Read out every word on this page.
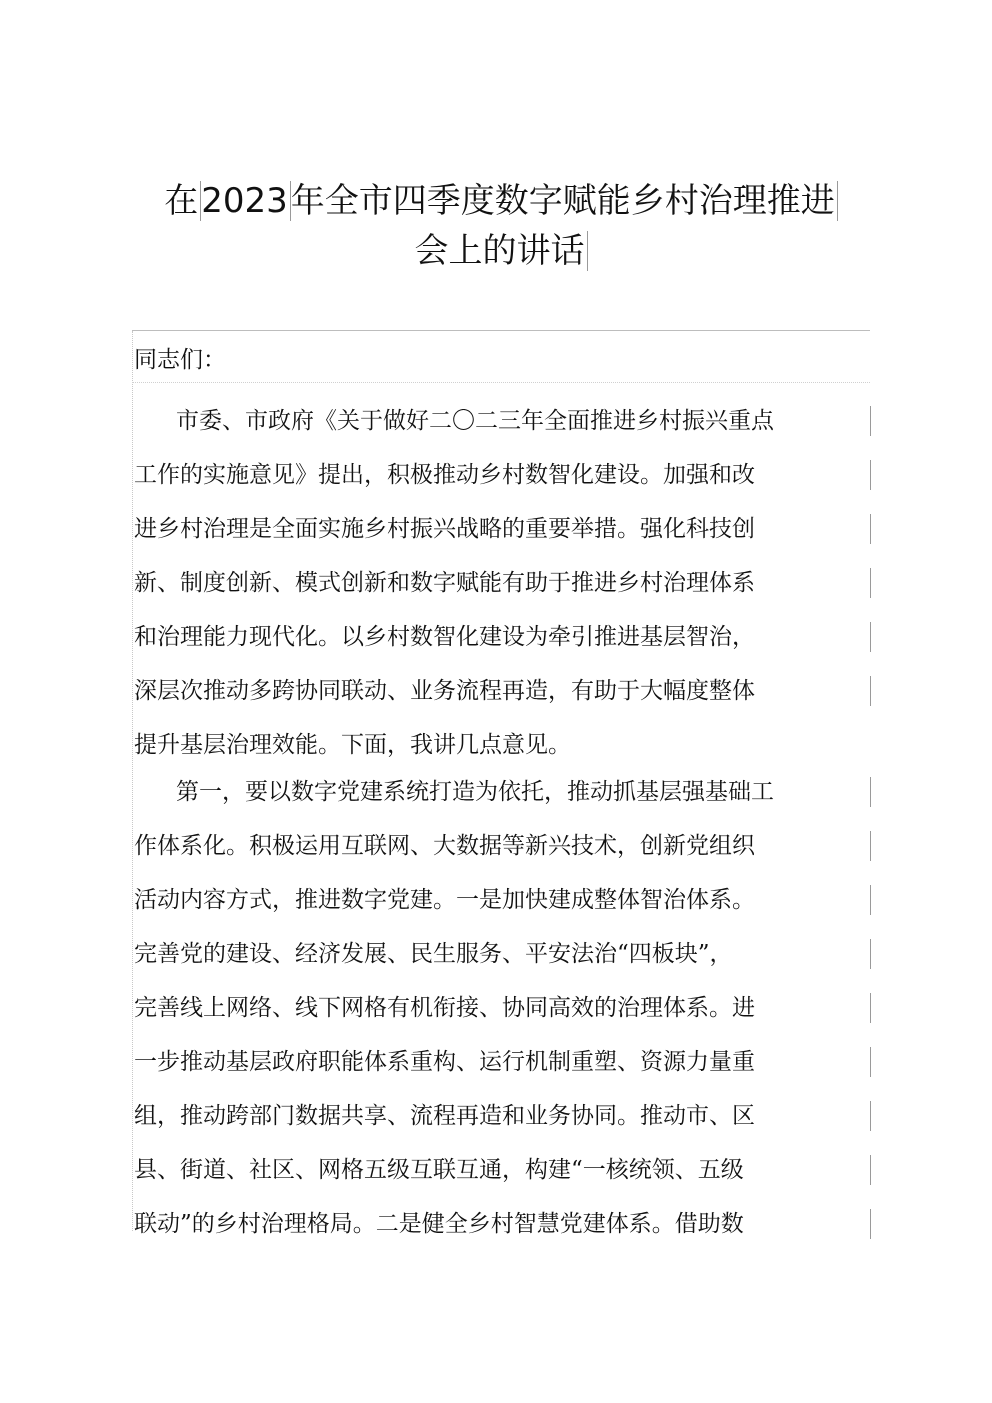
在2023年全市四季度数字赋能乡村治理推进
会上的讲话
同志们：
市委、市政府《关于做好二〇二三年全面推进乡村振兴重点
工作的实施意见》提出，积极推动乡村数智化建设。加强和改
进乡村治理是全面实施乡村振兴战略的重要举措。强化科技创
新、制度创新、模式创新和数字赋能有助于推进乡村治理体系
和治理能力现代化。以乡村数智化建设为牵引推进基层智治，
深层次推动多跨协同联动、业务流程再造，有助于大幅度整体
提升基层治理效能。下面，我讲几点意见。
第一，要以数字党建系统打造为依托，推动抓基层强基础工
作体系化。积极运用互联网、大数据等新兴技术，创新党组织
活动内容方式，推进数字党建。一是加快建成整体智治体系。
完善党的建设、经济发展、民生服务、平安法治“四板块”，
完善线上网络、线下网格有机衔接、协同高效的治理体系。进
一步推动基层政府职能体系重构、运行机制重塑、资源力量重
组，推动跨部门数据共享、流程再造和业务协同。推动市、区
县、街道、社区、网格五级互联互通，构建“一核统领、五级
联动”的乡村治理格局。二是健全乡村智慧党建体系。借助数
